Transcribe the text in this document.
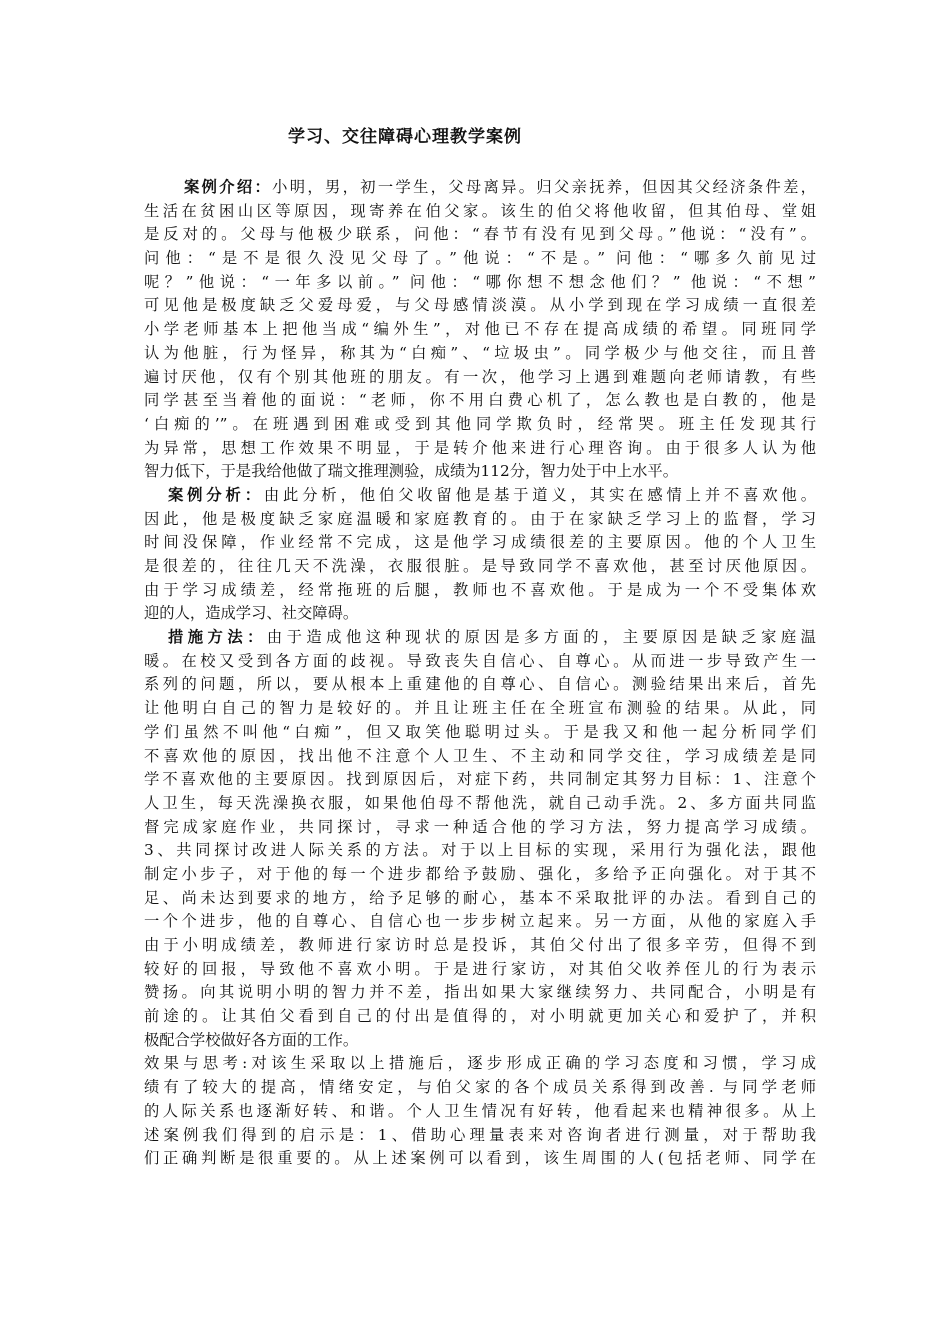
学习、交往障碍心理教学案例
案例介绍：小明，男，初一学生，父母离异。归父亲抚养，但因其父经济条件差，
生活在贫困山区等原因，现寄养在伯父家。该生的伯父将他收留，但其伯母、堂姐
是反对的。父母与他极少联系，问他：“春节有没有见到父母。”他说：“没有”。
问他：“是不是很久没见父母了。”他说：“不是。” 问他：“哪多久前见过
呢？”他说：“一年多以前。” 问他：“哪你想不想念他们？” 他说：“不想”
可见他是极度缺乏父爱母爱，与父母感情淡漠。从小学到现在学习成绩一直很差
小学老师基本上把他当成“编外生”，对他已不存在提高成绩的希望。同班同学
认为他脏，行为怪异，称其为“白痴”、“垃圾虫”。同学极少与他交往，而且普
遍讨厌他，仅有个别其他班的朋友。有一次，他学习上遇到难题向老师请教，有些
同学甚至当着他的面说：“老师，你不用白费心机了，怎么教也是白教的，他是
‘白痴的’”。在班遇到困难或受到其他同学欺负时，经常哭。班主任发现其行
为异常，思想工作效果不明显，于是转介他来进行心理咨询。由于很多人认为他
智力低下，于是我给他做了瑞文推理测验，成绩为112分，智力处于中上水平。
案例分析：由此分析，他伯父收留他是基于道义，其实在感情上并不喜欢他。
因此，他是极度缺乏家庭温暖和家庭教育的。由于在家缺乏学习上的监督，学习
时间没保障，作业经常不完成，这是他学习成绩很差的主要原因。他的个人卫生
是很差的，往往几天不洗澡，衣服很脏。是导致同学不喜欢他，甚至讨厌他原因。
由于学习成绩差，经常拖班的后腿，教师也不喜欢他。于是成为一个不受集体欢
迎的人，造成学习、社交障碍。
措施方法：由于造成他这种现状的原因是多方面的，主要原因是缺乏家庭温
暖。在校又受到各方面的歧视。导致丧失自信心、自尊心。从而进一步导致产生一
系列的问题，所以，要从根本上重建他的自尊心、自信心。测验结果出来后，首先
让他明白自己的智力是较好的。并且让班主任在全班宣布测验的结果。从此，同
学们虽然不叫他“白痴”，但又取笑他聪明过头。于是我又和他一起分析同学们
不喜欢他的原因，找出他不注意个人卫生、不主动和同学交往，学习成绩差是同
学不喜欢他的主要原因。找到原因后，对症下药，共同制定其努力目标：1、注意个
人卫生，每天洗澡换衣服，如果他伯母不帮他洗，就自己动手洗。2、多方面共同监
督完成家庭作业，共同探讨，寻求一种适合他的学习方法，努力提高学习成绩。
3、共同探讨改进人际关系的方法。对于以上目标的实现，采用行为强化法，跟他
制定小步子，对于他的每一个进步都给予鼓励、强化，多给予正向强化。对于其不
足、尚未达到要求的地方，给予足够的耐心，基本不采取批评的办法。看到自己的
一个个进步，他的自尊心、自信心也一步步树立起来。另一方面，从他的家庭入手
由于小明成绩差，教师进行家访时总是投诉，其伯父付出了很多辛劳，但得不到
较好的回报，导致他不喜欢小明。于是进行家访，对其伯父收养侄儿的行为表示
赞扬。向其说明小明的智力并不差，指出如果大家继续努力、共同配合，小明是有
前途的。让其伯父看到自己的付出是值得的，对小明就更加关心和爱护了，并积
极配合学校做好各方面的工作。
效果与思考:对该生采取以上措施后，逐步形成正确的学习态度和习惯，学习成
绩有了较大的提高，情绪安定，与伯父家的各个成员关系得到改善. 与同学老师
的人际关系也逐渐好转、和谐。个人卫生情况有好转，他看起来也精神很多。从上
述案例我们得到的启示是：1、借助心理量表来对咨询者进行测量，对于帮助我
们正确判断是很重要的。从上述案例可以看到，该生周围的人(包括老师、同学在
